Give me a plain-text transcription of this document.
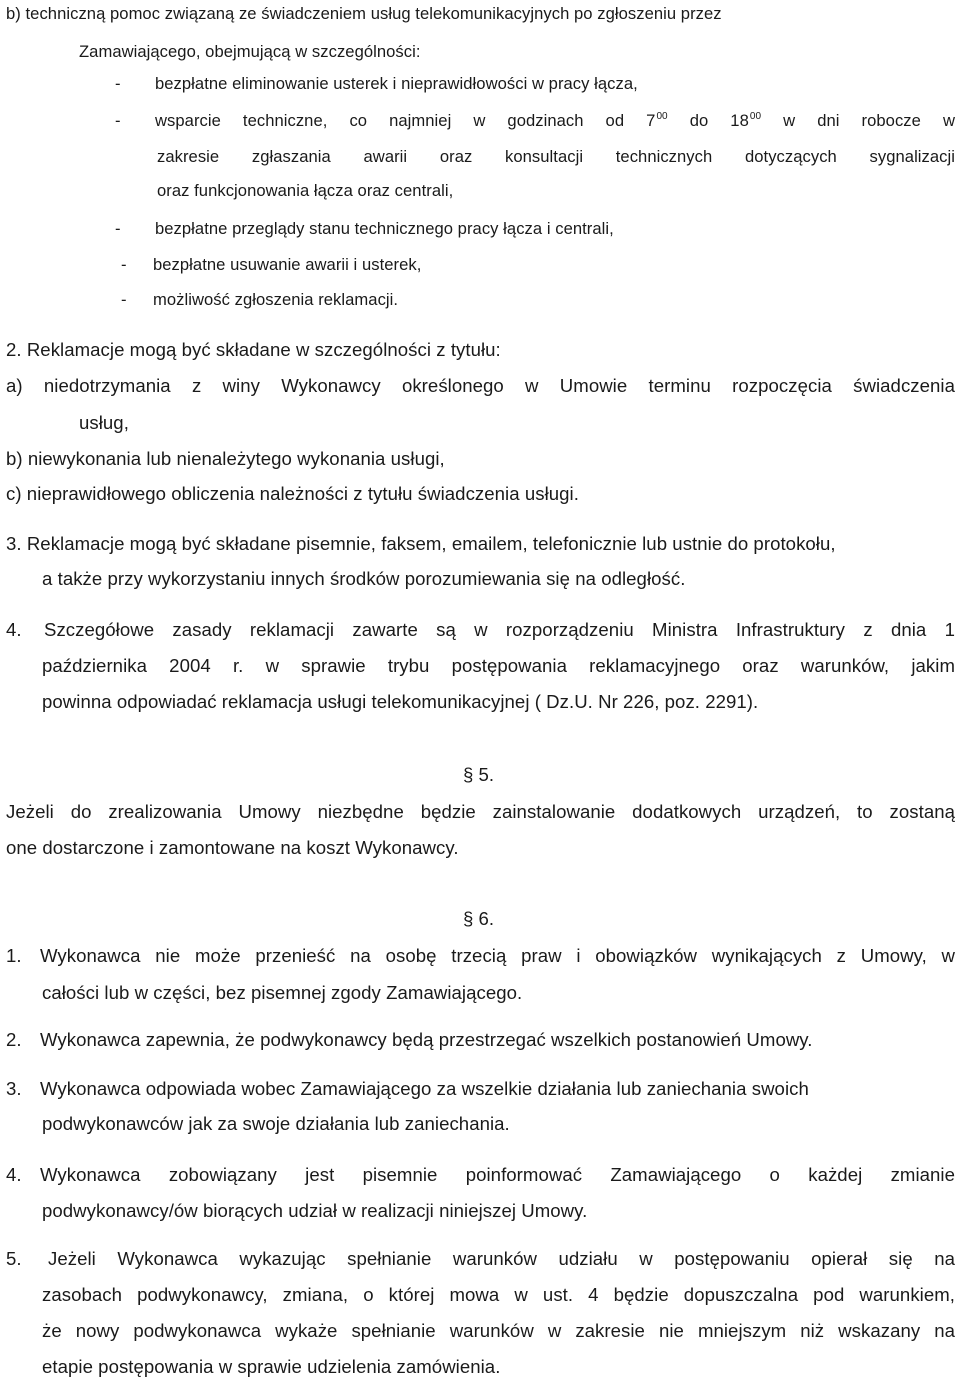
b) techniczną pomoc związaną ze świadczeniem usług telekomunikacyjnych po zgłoszeniu przez
Zamawiającego, obejmującą w szczególności:
- bezpłatne eliminowanie usterek i nieprawidłowości w pracy łącza,
- wsparcie techniczne, co najmniej w godzinach od $7^{00}$ do $18^{00}$ w dni robocze w
zakresie zgłaszania awarii oraz konsultacji technicznych dotyczących sygnalizacji
oraz funkcjonowania łącza oraz centrali,
- bezpłatne przeglądy stanu technicznego pracy łącza i centrali,
- bezpłatne usuwanie awarii i usterek,
- możliwość zgłoszenia reklamacji.
2. Reklamacje mogą być składane w szczególności z tytułu:
a) niedotrzymania z winy Wykonawcy określonego w Umowie terminu rozpoczęcia świadczenia
usług,
b) niewykonania lub nienależytego wykonania usługi,
c) nieprawidłowego obliczenia należności z tytułu świadczenia usługi.
3. Reklamacje mogą być składane pisemnie, faksem, emailem, telefonicznie lub ustnie do protokołu,
a także przy wykorzystaniu innych środków porozumiewania się na odległość.
4. Szczegółowe zasady reklamacji zawarte są w rozporządzeniu Ministra Infrastruktury z dnia 1
października 2004 r. w sprawie trybu postępowania reklamacyjnego oraz warunków, jakim
powinna odpowiadać reklamacja usługi telekomunikacyjnej ( Dz.U. Nr 226, poz. 2291).
§ 5.
Jeżeli do zrealizowania Umowy niezbędne będzie zainstalowanie dodatkowych urządzeń, to zostaną
one dostarczone i zamontowane na koszt Wykonawcy.
§ 6.
1. Wykonawca nie może przenieść na osobę trzecią praw i obowiązków wynikających z Umowy, w
całości lub w części, bez pisemnej zgody Zamawiającego.
2. Wykonawca zapewnia, że podwykonawcy będą przestrzegać wszelkich postanowień Umowy.
3. Wykonawca odpowiada wobec Zamawiającego za wszelkie działania lub zaniechania swoich
podwykonawców jak za swoje działania lub zaniechania.
4. Wykonawca zobowiązany jest pisemnie poinformować Zamawiającego o każdej zmianie
podwykonawcy/ów biorących udział w realizacji niniejszej Umowy.
5. Jeżeli Wykonawca wykazując spełnianie warunków udziału w postępowaniu opierał się na
zasobach podwykonawcy, zmiana, o której mowa w ust. 4 będzie dopuszczalna pod warunkiem,
że nowy podwykonawca wykaże spełnianie warunków w zakresie nie mniejszym niż wskazany na
etapie postępowania w sprawie udzielenia zamówienia.
